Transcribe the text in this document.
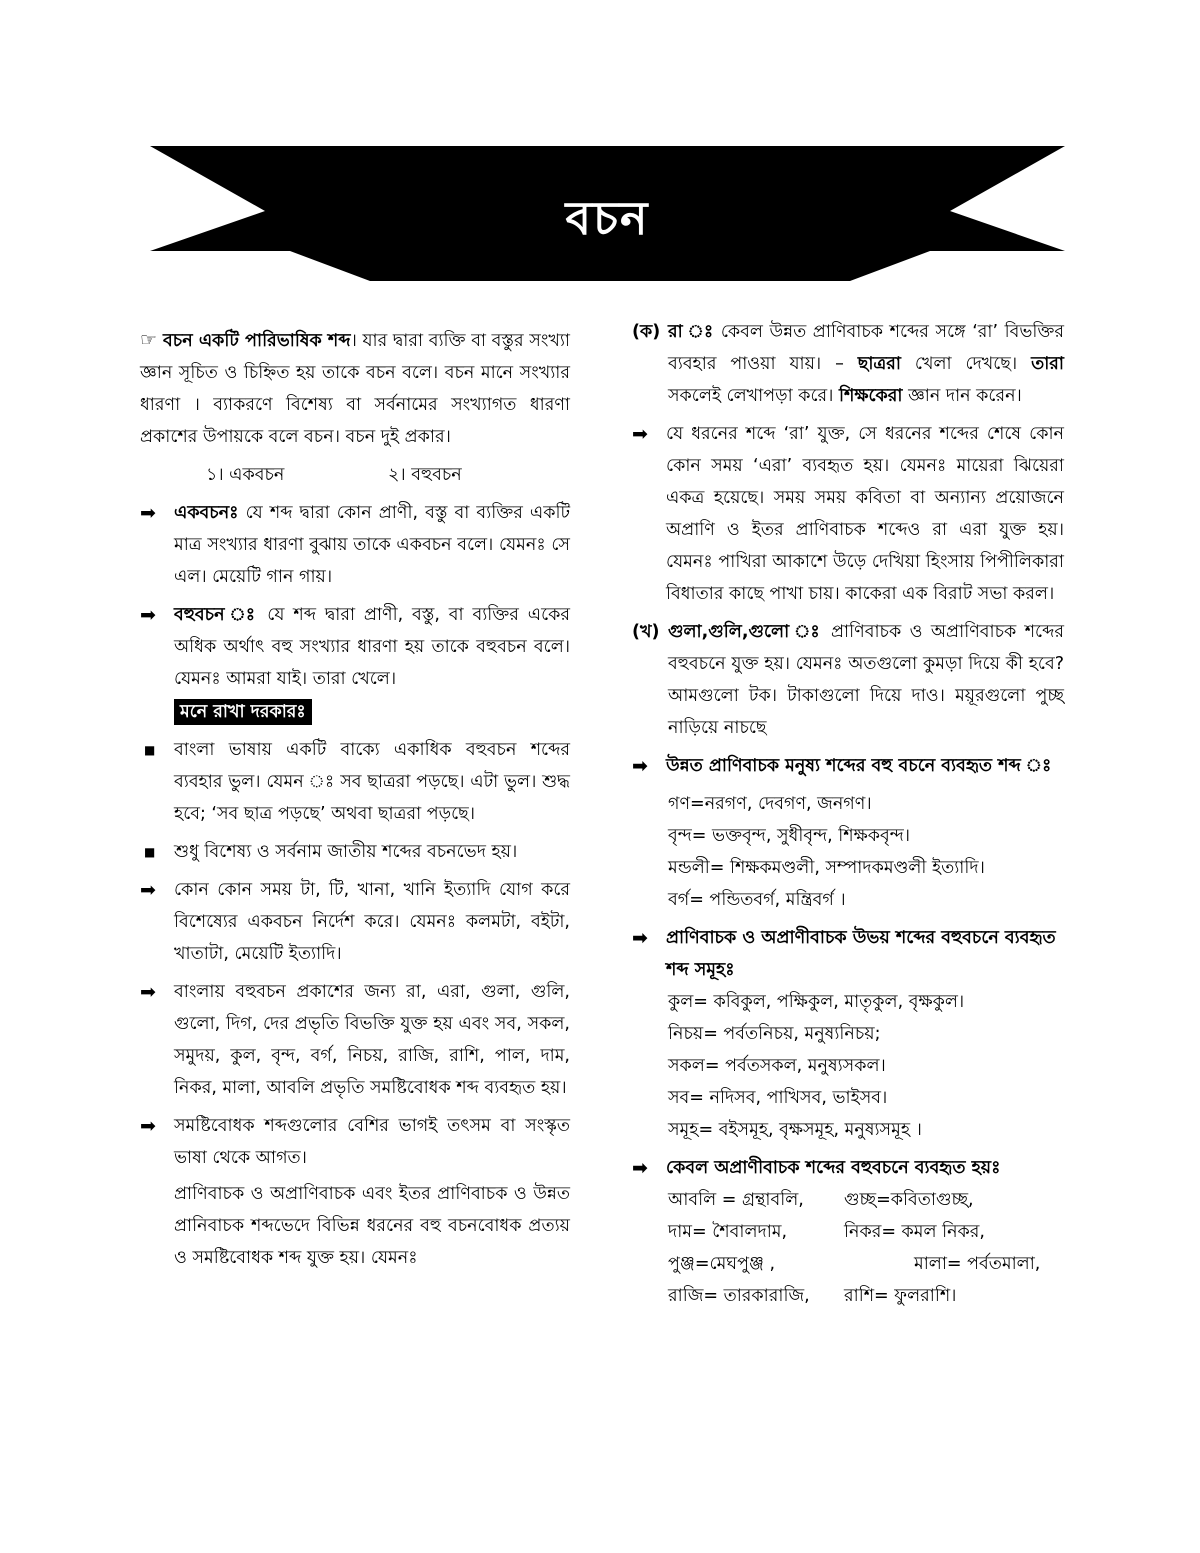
বচন

☞ বচন একটি পারিভাষিক শব্দ। যার দ্বারা ব্যক্তি বা বস্তুর সংখ্যা জ্ঞান সূচিত ও চিহ্নিত হয় তাকে বচন বলে। বচন মানে সংখ্যার ধারণা । ব্যাকরণে বিশেষ্য বা সর্বনামের সংখ্যাগত ধারণা প্রকাশের উপায়কে বলে বচন। বচন দুই প্রকার।

১। একবচন	২। বহুবচন
➡ একবচনঃ যে শব্দ দ্বারা কোন প্রাণী, বস্তু বা ব্যক্তির একটি মাত্র সংখ্যার ধারণা বুঝায় তাকে একবচন বলে। যেমনঃ সে এল। মেয়েটি গান গায়।
➡ বহুবচন ঃ যে শব্দ দ্বারা প্রাণী, বস্তু, বা ব্যক্তির একের অধিক অর্থাৎ বহু সংখ্যার ধারণা হয় তাকে বহুবচন বলে। যেমনঃ আমরা যাই। তারা খেলে।
মনে রাখা দরকারঃ
■ বাংলা ভাষায় একটি বাক্যে একাধিক বহুবচন শব্দের ব্যবহার ভুল। যেমন ঃ সব ছাত্ররা পড়ছে। এটা ভুল। শুদ্ধ হবে; ‘সব ছাত্র পড়ছে’ অথবা ছাত্ররা পড়ছে।
■ শুধু বিশেষ্য ও সর্বনাম জাতীয় শব্দের বচনভেদ হয়।
➡ কোন কোন সময় টা, টি, খানা, খানি ইত্যাদি যোগ করে বিশেষ্যের একবচন নির্দেশ করে। যেমনঃ কলমটা, বইটা, খাতাটা, মেয়েটি ইত্যাদি।
➡ বাংলায় বহুবচন প্রকাশের জন্য রা, এরা, গুলা, গুলি, গুলো, দিগ, দের প্রভৃতি বিভক্তি যুক্ত হয় এবং সব, সকল, সমুদয়, কুল, বৃন্দ, বর্গ, নিচয়, রাজি, রাশি, পাল, দাম, নিকর, মালা, আবলি প্রভৃতি সমষ্টিবোধক শব্দ ব্যবহৃত হয়।
➡ সমষ্টিবোধক শব্দগুলোর বেশির ভাগই তৎসম বা সংস্কৃত ভাষা থেকে আগত।

প্রাণিবাচক ও অপ্রাণিবাচক এবং ইতর প্রাণিবাচক ও উন্নত প্রানিবাচক শব্দভেদে বিভিন্ন ধরনের বহু বচনবোধক প্রত্যয় ও সমষ্টিবোধক শব্দ যুক্ত হয়। যেমনঃ

(ক) রা ঃ কেবল উন্নত প্রাণিবাচক শব্দের সঙ্গে ‘রা’ বিভক্তির ব্যবহার পাওয়া যায়। – ছাত্ররা খেলা দেখছে। তারা সকলেই লেখাপড়া করে। শিক্ষকেরা জ্ঞান দান করেন।
➡ যে ধরনের শব্দে ‘রা’ যুক্ত, সে ধরনের শব্দের শেষে কোন কোন সময় ‘এরা’ ব্যবহৃত হয়। যেমনঃ মায়েরা ঝিয়েরা একত্র হয়েছে। সময় সময় কবিতা বা অন্যান্য প্রয়োজনে অপ্রাণি ও ইতর প্রাণিবাচক শব্দেও রা এরা যুক্ত হয়। যেমনঃ পাখিরা আকাশে উড়ে দেখিয়া হিংসায় পিপীলিকারা বিধাতার কাছে পাখা চায়। কাকেরা এক বিরাট সভা করল।
(খ) গুলা,গুলি,গুলো ঃ প্রাণিবাচক ও অপ্রাণিবাচক শব্দের বহুবচনে যুক্ত হয়। যেমনঃ অতগুলো কুমড়া দিয়ে কী হবে? আমগুলো টক। টাকাগুলো দিয়ে দাও। ময়ূরগুলো পুচ্ছ নাড়িয়ে নাচছে
➡ উন্নত প্রাণিবাচক মনুষ্য শব্দের বহু বচনে ব্যবহৃত শব্দ ঃ
গণ=নরগণ, দেবগণ, জনগণ।
বৃন্দ= ভক্তবৃন্দ, সুধীবৃন্দ, শিক্ষকবৃন্দ।
মন্ডলী= শিক্ষকমণ্ডলী, সম্পাদকমণ্ডলী ইত্যাদি।
বর্গ= পন্ডিতবর্গ, মন্ত্রিবর্গ ।
➡ প্রাণিবাচক ও অপ্রাণীবাচক উভয় শব্দের বহুবচনে ব্যবহৃত শব্দ সমূহঃ
কুল= কবিকুল, পক্ষিকুল, মাতৃকুল, বৃক্ষকুল।
নিচয়= পর্বতনিচয়, মনুষ্যনিচয়;
সকল= পর্বতসকল, মনুষ্যসকল।
সব= নদিসব, পাখিসব, ভাইসব।
সমূহ= বইসমূহ, বৃক্ষসমূহ, মনুষ্যসমূহ ।
➡ কেবল অপ্রাণীবাচক শব্দের বহুবচনে ব্যবহৃত হয়ঃ
আবলি = গ্রন্থাবলি,	গুচ্ছ=কবিতাগুচ্ছ,
দাম= শৈবালদাম,	নিকর= কমল নিকর,
পুঞ্জ=মেঘপুঞ্জ ,	মালা= পর্বতমালা,
রাজি= তারকারাজি,	রাশি= ফুলরাশি।
